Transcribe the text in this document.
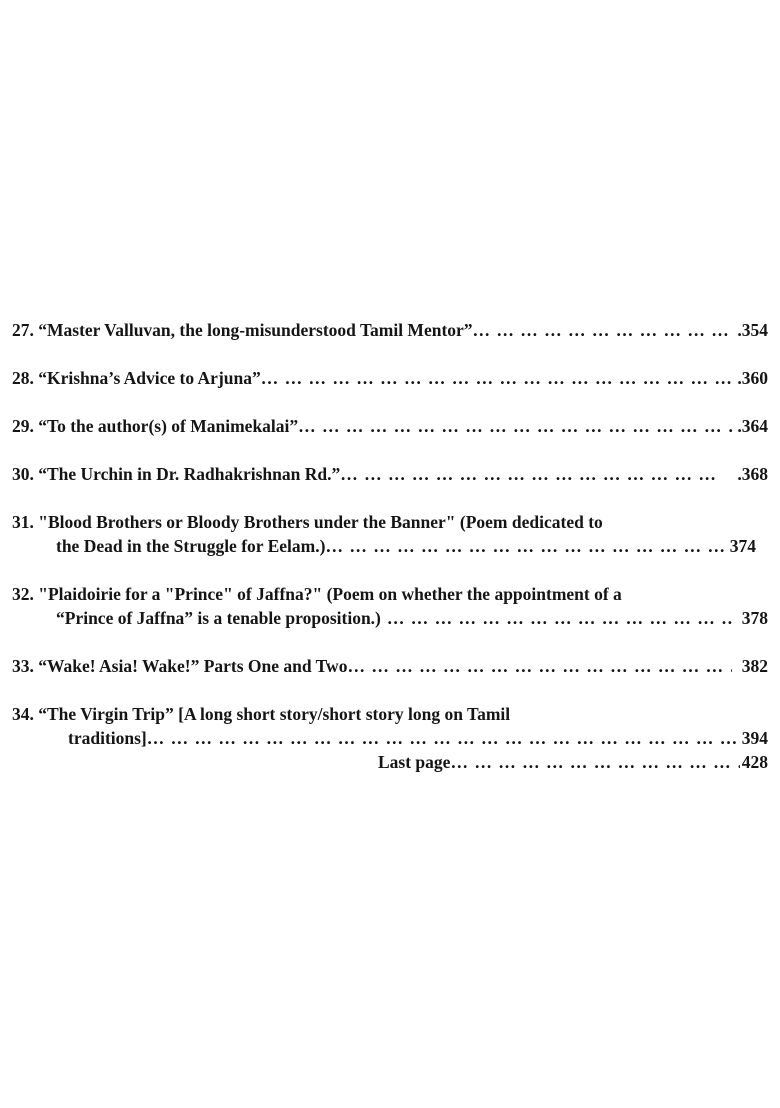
27. “Master Valluvan, the long-misunderstood Tamil Mentor” … … … … … … … … … … … … … … … … … … … … … … … … … … … … … … … … … … … … … … … … … … … … … … … … … … … … … … … … … … … … … … …	.354
28. “Krishna’s Advice to Arjuna” … … … … … … … … … … … … … … … … … … … … … … … … … … … … … … … … … … … … … … … … … … … … … … … … … … … … … … … … … … … … … … …	.360
29. “To the author(s) of Manimekalai” … … … … … … … … … … … … … … … … … … … … … … … … … … … … … … … … … … … … … … … … … … … … … … … … … … … … … … … … … … … … … … …	.364
30. “The Urchin in Dr. Radhakrishnan Rd.” … … … … … … … … … … … … … … … … … … … … … … … … … … … … … … … … … … … … … … … … … … … … … … … … … … … … … … … … … … … … … … …	.368
31. "Blood Brothers or Bloody Brothers under the Banner" (Poem dedicated to
the Dead in the Struggle for Eelam.) … … … … … … … … … … … … … … … … … … … … … … … … … … … … … … … … … … … … … … … … … … … … … … … … … … … … … … … … … … … … … … …	374
32. "Plaidoirie for a "Prince" of Jaffna?" (Poem on whether the appointment of a
“Prince of Jaffna” is a tenable proposition.) … … … … … … … … … … … … … … … … … … … … … … … … … … … … … … … … … … … … … … … … … … … … … … … … … … … … … … … … … … … … … … …	378
33. “Wake! Asia! Wake!” Parts One and Two … … … … … … … … … … … … … … … … … … … … … … … … … … … … … … … … … … … … … … … … … … … … … … … … … … … … … … … … … … … … … … …	382
34. “The Virgin Trip” [A long short story/short story long on Tamil
traditions] … … … … … … … … … … … … … … … … … … … … … … … … … … … … … … … … … … … … … … … … … … … … … … … … … … … … … … … … … … … … … … …	394
Last page … … … … … … … … … … … … … … … … … … … … … … … … … … … … … … … … … … … … … … … … … … … … … … … … … … … … … … … … … … … … … … …	428
